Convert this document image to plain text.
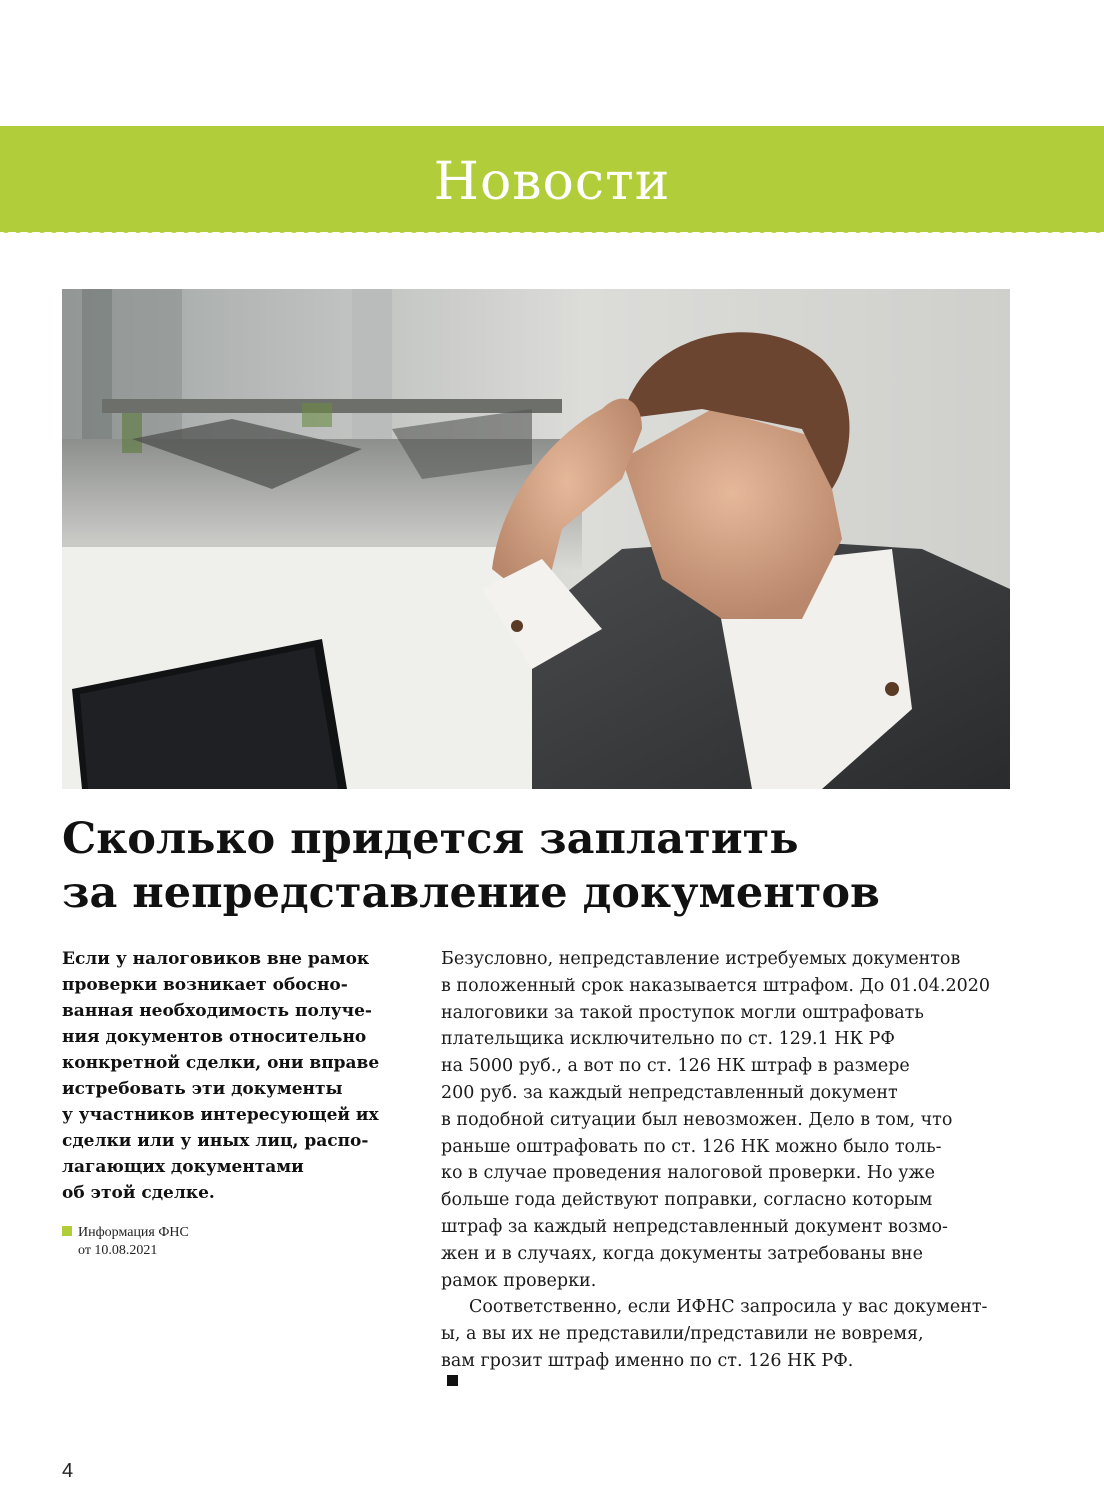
Новости
Сколько придется заплатить
за непредставление документов
Если у налоговиков вне рамок
проверки возникает обосно-
ванная необходимость получе-
ния документов относительно
конкретной сделки, они вправе
истребовать эти документы
у участников интересующей их
сделки или у иных лиц, распо-
лагающих документами
об этой сделке.
Информация ФНС
от 10.08.2021
Безусловно, непредставление истребуемых документов
в положенный срок наказывается штрафом. До 01.04.2020
налоговики за такой проступок могли оштрафовать
плательщика исключительно по ст. 129.1 НК РФ
на 5000 руб., а вот по ст. 126 НК штраф в размере
200 руб. за каждый непредставленный документ
в подобной ситуации был невозможен. Дело в том, что
раньше оштрафовать по ст. 126 НК можно было толь-
ко в случае проведения налоговой проверки. Но уже
больше года действуют поправки, согласно которым
штраф за каждый непредставленный документ возмо-
жен и в случаях, когда документы затребованы вне
рамок проверки.
Соответственно, если ИФНС запросила у вас документ-
ы, а вы их не представили/представили не вовремя,
вам грозит штраф именно по ст. 126 НК РФ.
4
